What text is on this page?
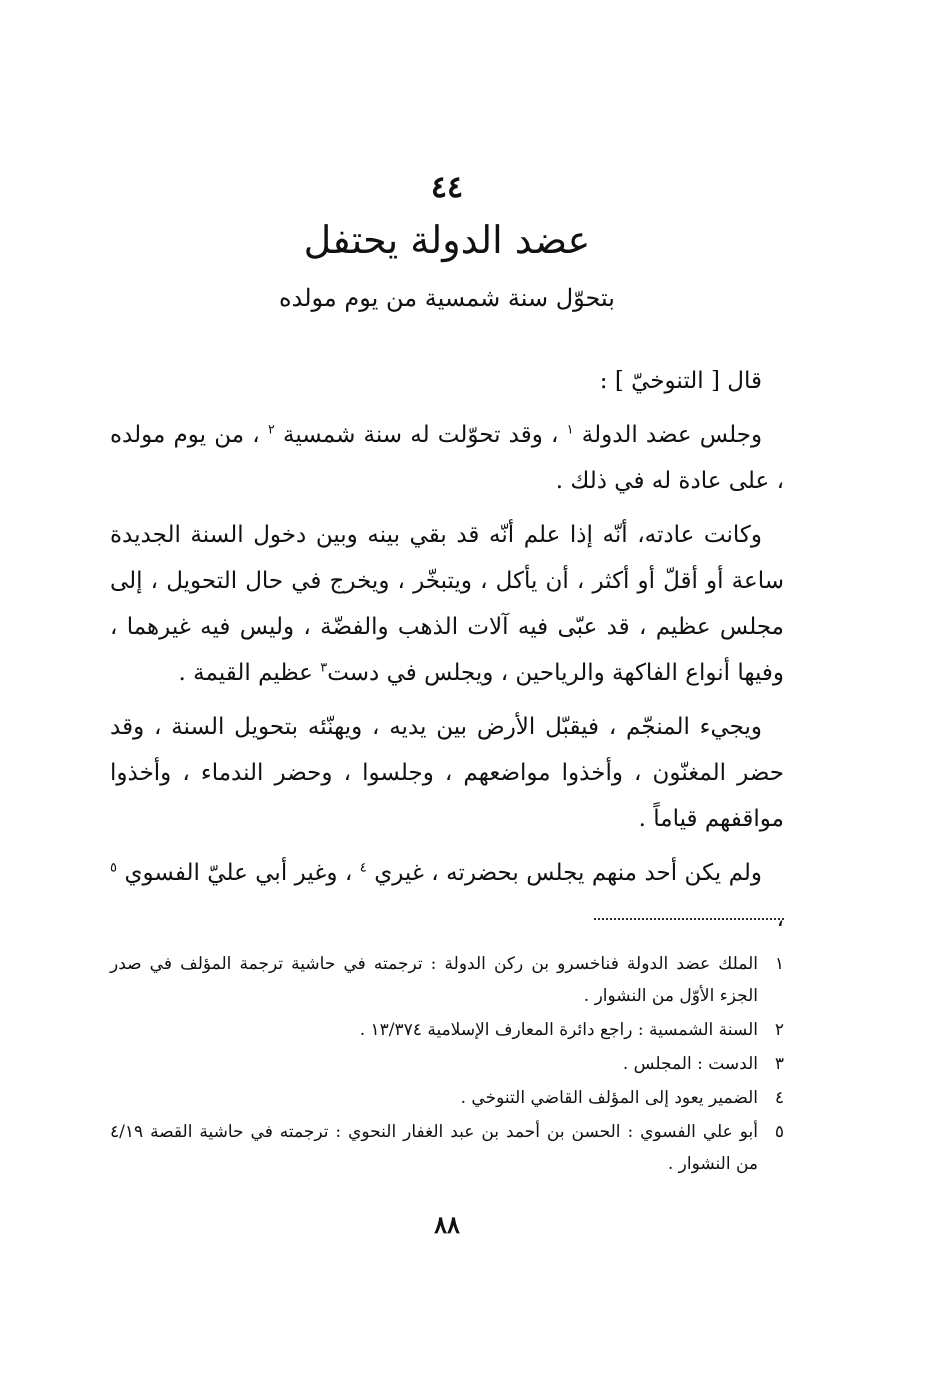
٤٤
عضد الدولة يحتفل
بتحوّل سنة شمسية من يوم مولده

قال [ التنوخيّ ] :

وجلس عضد الدولة $^١$ ، وقد تحوّلت له سنة شمسية $^٢$ ، من يوم مولده ، على عادة له في ذلك .

وكانت عادته، أنّه إذا علم أنّه قد بقي بينه وبين دخول السنة الجديدة ساعة أو أقلّ أو أكثر ، أن يأكل ، ويتبخّر ، ويخرج في حال التحويل ، إلى مجلس عظيم ، قد عبّى فيه آلات الذهب والفضّة ، وليس فيه غيرهما ، وفيها أنواع الفاكهة والرياحين ، ويجلس في دست$^٣$ عظيم القيمة .

ويجيء المنجّم ، فيقبّل الأرض بين يديه ، ويهنّئه بتحويل السنة ، وقد حضر المغنّون ، وأخذوا مواضعهم ، وجلسوا ، وحضر الندماء ، وأخذوا مواقفهم قياماً .

ولم يكن أحد منهم يجلس بحضرته ، غيري $^٤$ ، وغير أبي عليّ الفسوي $^٥$ ،

١
الملك عضد الدولة فناخسرو بن ركن الدولة : ترجمته في حاشية ترجمة المؤلف في صدر الجزء الأوّل من النشوار .
٢
السنة الشمسية : راجع دائرة المعارف الإسلامية ١٣/٣٧٤ .
٣
الدست : المجلس .
٤
الضمير يعود إلى المؤلف القاضي التنوخي .
٥
أبو علي الفسوي : الحسن بن أحمد بن عبد الغفار النحوي : ترجمته في حاشية القصة ٤/١٩ من النشوار .
٨٨
